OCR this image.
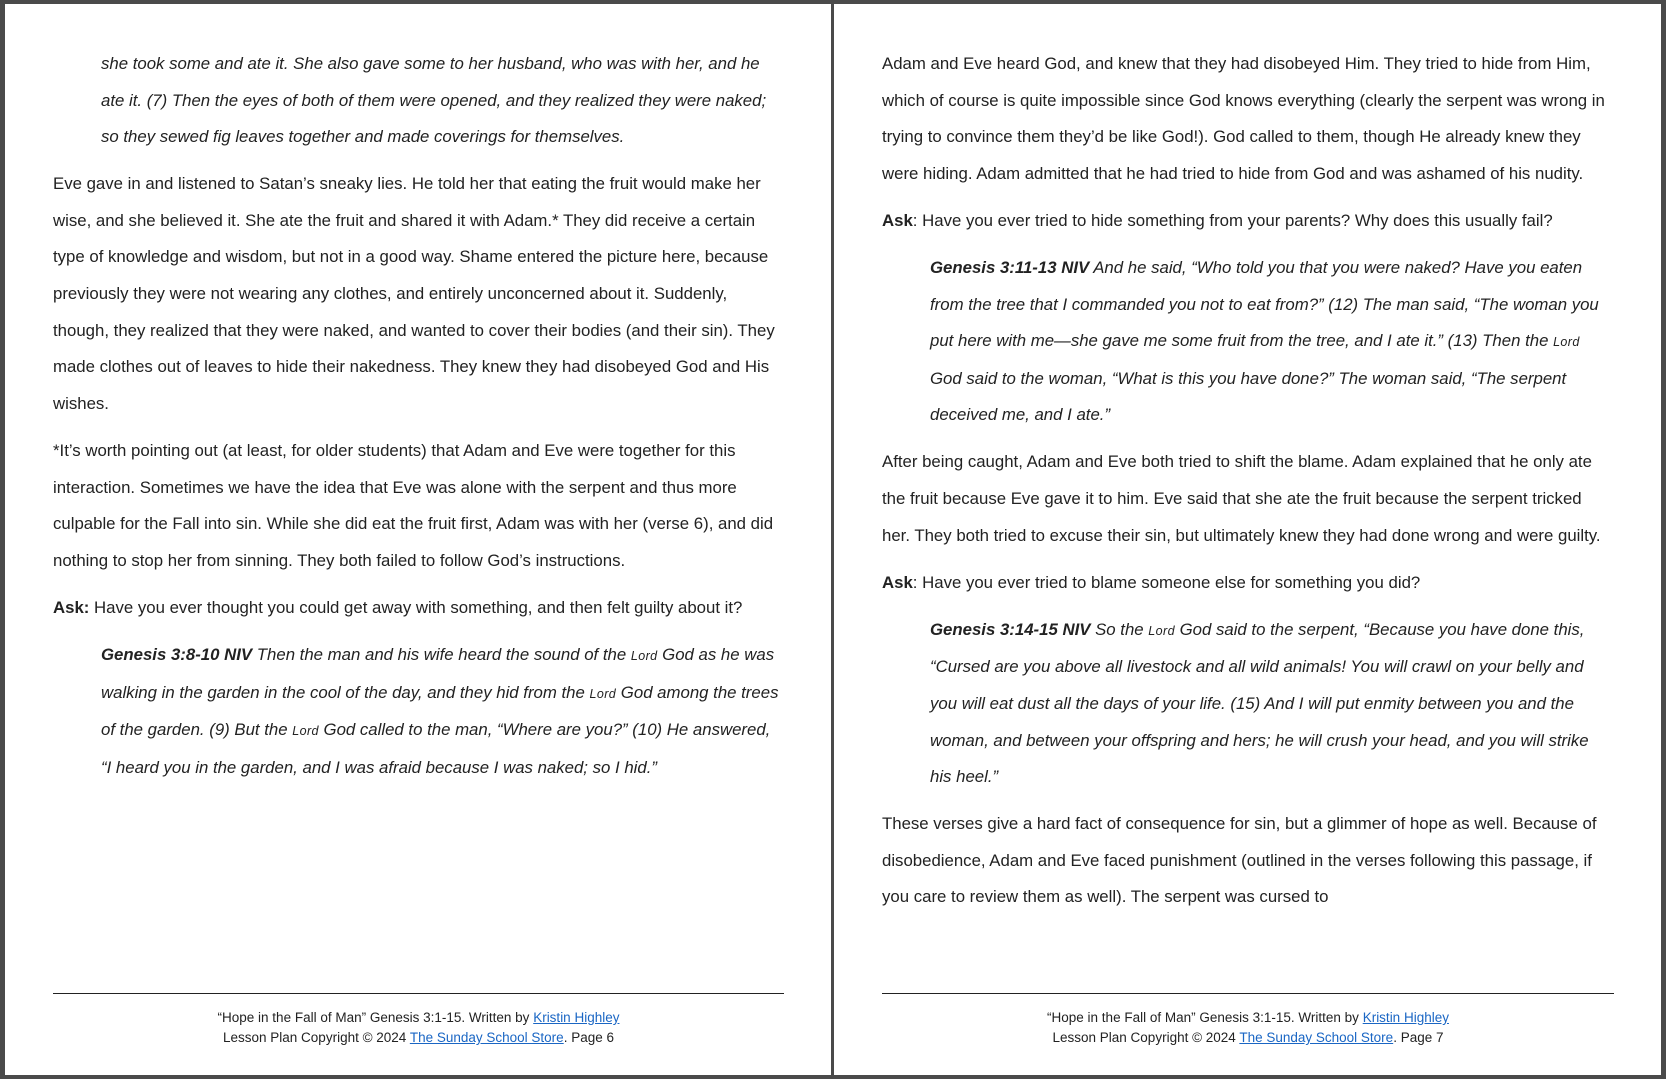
she took some and ate it. She also gave some to her husband, who was with her, and he ate it. (7) Then the eyes of both of them were opened, and they realized they were naked; so they sewed fig leaves together and made coverings for themselves.

Eve gave in and listened to Satan’s sneaky lies. He told her that eating the fruit would make her wise, and she believed it. She ate the fruit and shared it with Adam.* They did receive a certain type of knowledge and wisdom, but not in a good way. Shame entered the picture here, because previously they were not wearing any clothes, and entirely unconcerned about it. Suddenly, though, they realized that they were naked, and wanted to cover their bodies (and their sin). They made clothes out of leaves to hide their nakedness. They knew they had disobeyed God and His wishes.

*It’s worth pointing out (at least, for older students) that Adam and Eve were together for this interaction. Sometimes we have the idea that Eve was alone with the serpent and thus more culpable for the Fall into sin. While she did eat the fruit first, Adam was with her (verse 6), and did nothing to stop her from sinning. They both failed to follow God’s instructions.

Ask: Have you ever thought you could get away with something, and then felt guilty about it?

Genesis 3:8-10 NIV Then the man and his wife heard the sound of the Lord God as he was walking in the garden in the cool of the day, and they hid from the Lord God among the trees of the garden. (9) But the Lord God called to the man, “Where are you?” (10) He answered, “I heard you in the garden, and I was afraid because I was naked; so I hid.”

“Hope in the Fall of Man” Genesis 3:1-15. Written by Kristin Highley
Lesson Plan Copyright © 2024 The Sunday School Store. Page 6

Adam and Eve heard God, and knew that they had disobeyed Him. They tried to hide from Him, which of course is quite impossible since God knows everything (clearly the serpent was wrong in trying to convince them they’d be like God!). God called to them, though He already knew they were hiding. Adam admitted that he had tried to hide from God and was ashamed of his nudity.

Ask: Have you ever tried to hide something from your parents? Why does this usually fail?

Genesis 3:11-13 NIV And he said, “Who told you that you were naked? Have you eaten from the tree that I commanded you not to eat from?” (12) The man said, “The woman you put here with me—she gave me some fruit from the tree, and I ate it.” (13) Then the Lord God said to the woman, “What is this you have done?” The woman said, “The serpent deceived me, and I ate.”

After being caught, Adam and Eve both tried to shift the blame. Adam explained that he only ate the fruit because Eve gave it to him. Eve said that she ate the fruit because the serpent tricked her. They both tried to excuse their sin, but ultimately knew they had done wrong and were guilty.

Ask: Have you ever tried to blame someone else for something you did?

Genesis 3:14-15 NIV So the Lord God said to the serpent, “Because you have done this, “Cursed are you above all livestock and all wild animals! You will crawl on your belly and you will eat dust all the days of your life. (15) And I will put enmity between you and the woman, and between your offspring and hers; he will crush your head, and you will strike his heel.”

These verses give a hard fact of consequence for sin, but a glimmer of hope as well. Because of disobedience, Adam and Eve faced punishment (outlined in the verses following this passage, if you care to review them as well). The serpent was cursed to

“Hope in the Fall of Man” Genesis 3:1-15. Written by Kristin Highley
Lesson Plan Copyright © 2024 The Sunday School Store. Page 7
